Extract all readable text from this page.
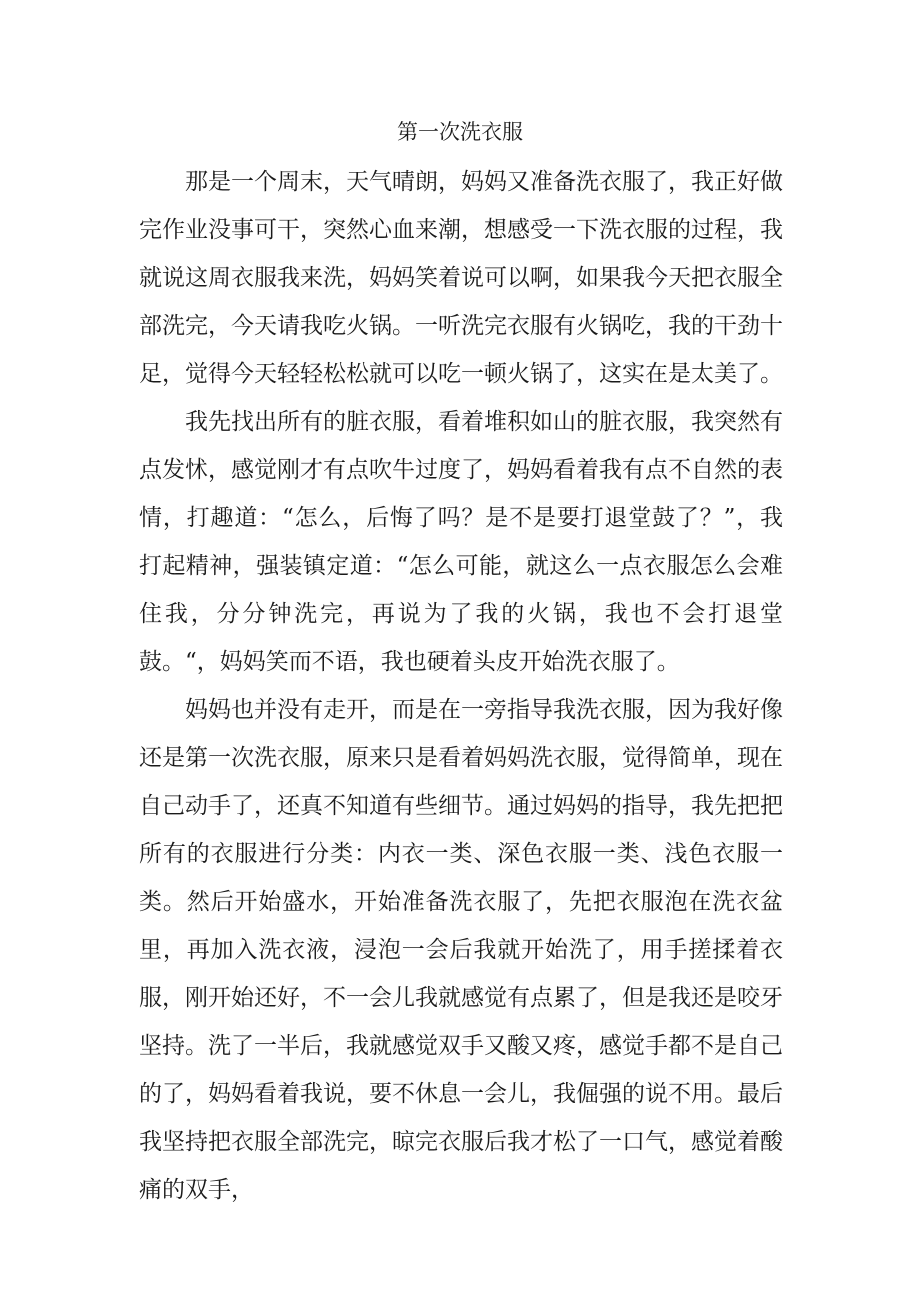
第一次洗衣服

那是一个周末，天气晴朗，妈妈又准备洗衣服了，我正好做完作业没事可干，突然心血来潮，想感受一下洗衣服的过程，我就说这周衣服我来洗，妈妈笑着说可以啊，如果我今天把衣服全部洗完，今天请我吃火锅。一听洗完衣服有火锅吃，我的干劲十足，觉得今天轻轻松松就可以吃一顿火锅了，这实在是太美了。

我先找出所有的脏衣服，看着堆积如山的脏衣服，我突然有点发怵，感觉刚才有点吹牛过度了，妈妈看着我有点不自然的表情，打趣道：“怎么，后悔了吗？是不是要打退堂鼓了？”，我打起精神，强装镇定道：“怎么可能，就这么一点衣服怎么会难住我，分分钟洗完，再说为了我的火锅，我也不会打退堂鼓。“，妈妈笑而不语，我也硬着头皮开始洗衣服了。

妈妈也并没有走开，而是在一旁指导我洗衣服，因为我好像还是第一次洗衣服，原来只是看着妈妈洗衣服，觉得简单，现在自己动手了，还真不知道有些细节。通过妈妈的指导，我先把把所有的衣服进行分类：内衣一类、深色衣服一类、浅色衣服一类。然后开始盛水，开始准备洗衣服了，先把衣服泡在洗衣盆里，再加入洗衣液，浸泡一会后我就开始洗了，用手搓揉着衣服，刚开始还好，不一会儿我就感觉有点累了，但是我还是咬牙坚持。洗了一半后，我就感觉双手又酸又疼，感觉手都不是自己的了，妈妈看着我说，要不休息一会儿，我倔强的说不用。最后我坚持把衣服全部洗完，晾完衣服后我才松了一口气，感觉着酸痛的双手，
